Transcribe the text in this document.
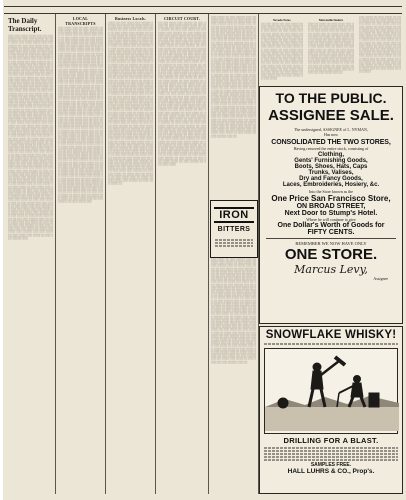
The Daily Transcript.
░░░ ░░░ ░░░░ ░░░░ ░░░ ░░ ░░░ ░░░░░ ░░ ░░░ ░░░ ░░░░░ ░░ ░░░ ░░░░ ░░░ ░░░░ ░░░░ ░░░ ░░░ ░░░░░ ░░ ░░░ ░░░ ░░░░ ░░░ ░░░ ░░░░ ░░ ░░░░ ░░░ ░░░░ ░░░ ░░░░░ ░░░ ░░░ ░░░░ ░░ ░░░ ░░░░ ░░░ ░░░░ ░░ ░░░ ░░░ ░░░░░ ░░░ ░░ ░░░ ░░░░ ░░░ ░░░ ░░░░ ░░ ░░░ ░░░░ ░░░ ░░░ ░░░░░ ░░ ░░░ ░░░ ░░░░ ░░░ ░░░ ░░░░ ░░ ░░░░ ░░░ ░░░░ ░░░ ░░░░░ ░░░ ░░░ ░░░░ ░░ ░░░ ░░░░ ░░░ ░░░░ ░░ ░░░ ░░░ ░░░░░ ░░░ ░░ ░░░ ░░░░ ░░░ ░░░ ░░░░ ░░ ░░░ ░░░░ ░░░ ░░░ ░░░░░ ░░ ░░░ ░░░ ░░░░ ░░░ ░░░ ░░░░ ░░ ░░░░ ░░░ ░░░░ ░░░ ░░░░░ ░░░ ░░░ ░░░░ ░░ ░░░ ░░░░ ░░░ ░░░░ ░░ ░░░ ░░░ ░░░░░ ░░░ ░░ ░░░ ░░░░ ░░░ ░░░ ░░░░ ░░ ░░░ ░░░░ ░░░ ░░░ ░░░░░ ░░ ░░░ ░░░ ░░░░ ░░░ ░░░ ░░░░ ░░ ░░░░ ░░░ ░░░░ ░░░ ░░░░░ ░░░ ░░░ ░░░░ ░░ ░░░ ░░░░ ░░░ ░░░░ ░░ ░░░ ░░░ ░░░░░ ░░░ ░░ ░░░ ░░░░ ░░░ ░░░ ░░░░ ░░ ░░░ ░░░░ ░░░ ░░░ ░░░░░ ░░ ░░░ ░░░ ░░░░ ░░░ ░░░ ░░░░ ░░ ░░░░ ░░░ ░░░░ ░░░ ░░░░░ ░░░ ░░░ ░░░░ ░░ ░░░ ░░░░ ░░░ ░░░░ ░░ ░░░ ░░░ ░░░░░ ░░░ ░░ ░░░ ░░░░ ░░░ ░░░ ░░░░ ░░ ░░░ ░░░░ ░░░ ░░░ ░░░░░ ░░ ░░░ ░░░ ░░░░ ░░░ ░░░ ░░░░ ░░ ░░░░ ░░░ ░░░░ ░░░ ░░░░░ ░░░ ░░░ ░░░░ ░░ ░░░ ░░░░ ░░░ ░░░░ ░░ ░░░ ░░░ ░░░░░ ░░░ ░░ ░░░ ░░░░ ░░░ ░░░ ░░░░ ░░ ░░░ ░░░░ ░░░ ░░░ ░░░░░ ░░ ░░░ ░░░ ░░░░ ░░░ ░░░ ░░░░ ░░ ░░░░ ░░░ ░░░░ ░░░ ░░░░░ ░░░ ░░░ ░░░░ ░░ ░░░ ░░░░ ░░░ ░░░░ ░░ ░░░ ░░░ ░░░░░ ░░░ ░░ ░░░ ░░░░ ░░░ ░░░ ░░░░ ░░ ░░░ ░░░░ ░░░ ░░░ ░░░░░ ░░ ░░░ ░░░ ░░░░ ░░░ ░░░ ░░░░ ░░ ░░░░ ░░░ ░░░░ ░░░ ░░░░░ ░░░ ░░░ ░░░░ ░░ ░░░ ░░░░ ░░░ ░░░░ ░░ ░░░ ░░░ ░░░░░ ░░░ ░░ ░░░ ░░░░ ░░░ ░░░ ░░░░ ░░ ░░░ ░░░░ ░░░ ░░░ ░░░░░ ░░ ░░░ ░░░ ░░░░ ░░░ ░░░ ░░░░ ░░ ░░░░ ░░░ ░░░░ ░░░ ░░░░░ ░░░ ░░░ ░░░░ ░░ ░░░ ░░░░ ░░░ ░░░░ ░░ ░░░ ░░░ ░░░░░ ░░░ ░░ ░░░ ░░░░ ░░░ ░░░ ░░░░ ░░ ░░░ ░░░░ ░░░ ░░░ ░░░░░ ░░ ░░░ ░░░ ░░░░ ░░░ ░░░ ░░░░ ░░ ░░░░ ░░░ ░░░░ ░░░ ░░░░░ ░░░ ░░░ ░░░░ ░░ ░░░ ░░░░ ░░░ ░░░░ ░░ ░░░ ░░░ ░░░░░ ░░░ ░░ ░░░ ░░░░ ░░░ ░░░ ░░░░ ░░ ░░░ ░░░░ ░░░ ░░░ ░░░░░ ░░ ░░░ ░░░ ░░░░ ░░░ ░░░ ░░░░ ░░ ░░░░ ░░░ ░░░░ ░░░ ░░░░░ ░░░ ░░░ ░░░░ ░░ ░░░ ░░░░ ░░░ ░░░░ ░░ ░░░ ░░░ ░░░░░ ░░░
LOCAL TRANSCRIPTS
░░░ ░░░░ ░░░ ░░ ░░░ ░░░░░ ░░ ░░░ ░░░░ ░░░ ░░ ░░░ ░░░░ ░░░░ ░░ ░░░░ ░░░ ░░ ░░░░ ░░░ ░░░░ ░░ ░░░ ░░░░ ░░░ ░░ ░░░ ░░░░░ ░░ ░░░ ░░░░ ░░░ ░░ ░░░ ░░░░ ░░░░ ░░ ░░░░ ░░░ ░░ ░░░░ ░░░ ░░░░ ░░ ░░░ ░░░░ ░░░ ░░ ░░░ ░░░░░ ░░ ░░░ ░░░░ ░░░ ░░ ░░░ ░░░░ ░░░░ ░░ ░░░░ ░░░ ░░ ░░░░ ░░░ ░░░░ ░░ ░░░ ░░░░ ░░░ ░░ ░░░ ░░░░░ ░░ ░░░ ░░░░ ░░░ ░░ ░░░ ░░░░ ░░░░ ░░ ░░░░ ░░░ ░░ ░░░░ ░░░ ░░░░ ░░ ░░░ ░░░░ ░░░ ░░ ░░░ ░░░░░ ░░ ░░░ ░░░░ ░░░ ░░ ░░░ ░░░░ ░░░░ ░░ ░░░░ ░░░ ░░ ░░░░ ░░░ ░░░░ ░░ ░░░ ░░░░ ░░░ ░░ ░░░ ░░░░░ ░░ ░░░ ░░░░ ░░░ ░░ ░░░ ░░░░ ░░░░ ░░ ░░░░ ░░░ ░░ ░░░░ ░░░ ░░░░ ░░ ░░░ ░░░░ ░░░ ░░ ░░░ ░░░░░ ░░ ░░░ ░░░░ ░░░ ░░ ░░░ ░░░░ ░░░░ ░░ ░░░░ ░░░ ░░ ░░░░ ░░░ ░░░░ ░░ ░░░ ░░░░ ░░░ ░░ ░░░ ░░░░░ ░░ ░░░ ░░░░ ░░░ ░░ ░░░ ░░░░ ░░░░ ░░ ░░░░ ░░░ ░░ ░░░░ ░░░ ░░░░ ░░ ░░░ ░░░░ ░░░ ░░ ░░░ ░░░░░ ░░ ░░░ ░░░░ ░░░ ░░ ░░░ ░░░░ ░░░░ ░░ ░░░░ ░░░ ░░ ░░░░ ░░░ ░░░░ ░░ ░░░ ░░░░ ░░░ ░░ ░░░ ░░░░░ ░░ ░░░ ░░░░ ░░░ ░░ ░░░ ░░░░ ░░░░ ░░ ░░░░ ░░░ ░░ ░░░░ ░░░ ░░░░ ░░ ░░░ ░░░░ ░░░ ░░ ░░░ ░░░░░ ░░ ░░░ ░░░░ ░░░ ░░ ░░░ ░░░░ ░░░░ ░░ ░░░░ ░░░ ░░ ░░░░ ░░░ ░░░░ ░░ ░░░ ░░░░ ░░░ ░░ ░░░ ░░░░░ ░░ ░░░ ░░░░ ░░░ ░░ ░░░ ░░░░ ░░░░ ░░ ░░░░ ░░░ ░░ ░░░░ ░░░ ░░░░ ░░ ░░░ ░░░░ ░░░ ░░ ░░░ ░░░░░ ░░ ░░░ ░░░░ ░░░ ░░ ░░░ ░░░░ ░░░░ ░░ ░░░░ ░░░ ░░ ░░░░ ░░░ ░░░░ ░░ ░░░ ░░░░ ░░░ ░░ ░░░ ░░░░░ ░░ ░░░ ░░░░ ░░░ ░░ ░░░ ░░░░ ░░░░ ░░ ░░░░ ░░░ ░░ ░░░░ ░░░ ░░░░ ░░ ░░░ ░░░░ ░░░ ░░ ░░░ ░░░░░ ░░ ░░░ ░░░░ ░░░ ░░ ░░░ ░░░░ ░░░░ ░░ ░░░░ ░░░ ░░ ░░░░ ░░░ ░░░░ ░░ ░░░ ░░░░ ░░░ ░░ ░░░ ░░░░░ ░░ ░░░ ░░░░ ░░░ ░░ ░░░ ░░░░ ░░░░ ░░ ░░░░ ░░░ ░░ ░░░░ ░░░ ░░░░ ░░ ░░░ ░░░░ ░░░ ░░ ░░░ ░░░░░ ░░ ░░░ ░░░░ ░░░ ░░ ░░░ ░░░░ ░░░░ ░░ ░░░░ ░░░ ░░ ░░░░ ░░░ ░░░░ ░░ ░░░ ░░░░ ░░░ ░░ ░░░ ░░░░░ ░░ ░░░ ░░░░ ░░░
Business Locals.
░░░░ ░░ ░░░ ░░░░ ░░░ ░░░░░ ░░ ░░░ ░░░ ░░░░ ░░ ░░░░ ░░░ ░░ ░░░░░ ░░ ░░░ ░░░░ ░░░ ░░ ░░░░ ░░ ░░░ ░░░░ ░░░ ░░░░░ ░░ ░░░ ░░░ ░░░░ ░░ ░░░░ ░░░ ░░ ░░░░░ ░░ ░░░ ░░░░ ░░░ ░░ ░░░░ ░░ ░░░ ░░░░ ░░░ ░░░░░ ░░ ░░░ ░░░ ░░░░ ░░ ░░░░ ░░░ ░░ ░░░░░ ░░ ░░░ ░░░░ ░░░ ░░ ░░░░ ░░ ░░░ ░░░░ ░░░ ░░░░░ ░░ ░░░ ░░░ ░░░░ ░░ ░░░░ ░░░ ░░ ░░░░░ ░░ ░░░ ░░░░ ░░░ ░░ ░░░░ ░░ ░░░ ░░░░ ░░░ ░░░░░ ░░ ░░░ ░░░ ░░░░ ░░ ░░░░ ░░░ ░░ ░░░░░ ░░ ░░░ ░░░░ ░░░ ░░ ░░░░ ░░ ░░░ ░░░░ ░░░ ░░░░░ ░░ ░░░ ░░░ ░░░░ ░░ ░░░░ ░░░ ░░ ░░░░░ ░░ ░░░ ░░░░ ░░░ ░░ ░░░░ ░░ ░░░ ░░░░ ░░░ ░░░░░ ░░ ░░░ ░░░ ░░░░ ░░ ░░░░ ░░░ ░░ ░░░░░ ░░ ░░░ ░░░░ ░░░ ░░ ░░░░ ░░ ░░░ ░░░░ ░░░ ░░░░░ ░░ ░░░ ░░░ ░░░░ ░░ ░░░░ ░░░ ░░ ░░░░░ ░░ ░░░ ░░░░ ░░░ ░░ ░░░░ ░░ ░░░ ░░░░ ░░░ ░░░░░ ░░ ░░░ ░░░ ░░░░ ░░ ░░░░ ░░░ ░░ ░░░░░ ░░ ░░░ ░░░░ ░░░ ░░ ░░░░ ░░ ░░░ ░░░░ ░░░ ░░░░░ ░░ ░░░ ░░░ ░░░░ ░░ ░░░░ ░░░ ░░ ░░░░░ ░░ ░░░ ░░░░ ░░░ ░░ ░░░░ ░░ ░░░ ░░░░ ░░░ ░░░░░ ░░ ░░░ ░░░ ░░░░ ░░ ░░░░ ░░░ ░░ ░░░░░ ░░ ░░░ ░░░░ ░░░ ░░ ░░░░ ░░ ░░░ ░░░░ ░░░ ░░░░░ ░░ ░░░ ░░░ ░░░░ ░░ ░░░░ ░░░ ░░ ░░░░░ ░░ ░░░ ░░░░ ░░░ ░░ ░░░░ ░░ ░░░ ░░░░ ░░░ ░░░░░ ░░ ░░░ ░░░ ░░░░ ░░ ░░░░ ░░░ ░░ ░░░░░ ░░ ░░░ ░░░░ ░░░ ░░ ░░░░ ░░ ░░░ ░░░░ ░░░ ░░░░░ ░░ ░░░ ░░░ ░░░░ ░░ ░░░░ ░░░ ░░ ░░░░░ ░░ ░░░ ░░░░ ░░░ ░░ ░░░░ ░░ ░░░ ░░░░ ░░░ ░░░░░ ░░ ░░░ ░░░ ░░░░ ░░ ░░░░ ░░░ ░░ ░░░░░ ░░ ░░░ ░░░░ ░░░ ░░ ░░░░ ░░ ░░░ ░░░░ ░░░ ░░░░░ ░░ ░░░ ░░░ ░░░░ ░░ ░░░░ ░░░ ░░ ░░░░░ ░░ ░░░ ░░░░ ░░░ ░░ ░░░░ ░░ ░░░ ░░░░ ░░░ ░░░░░ ░░ ░░░ ░░░ ░░░░ ░░ ░░░░ ░░░ ░░ ░░░░░ ░░ ░░░ ░░░░ ░░░ ░░ ░░░░ ░░ ░░░ ░░░░ ░░░ ░░░░░ ░░ ░░░ ░░░ ░░░░ ░░
CIRCUIT COURT.
░░ ░░░ ░░░░ ░░░ ░░░░░ ░░ ░░░ ░░░░ ░░ ░░░ ░░░ ░░░░ ░░░░ ░░ ░░░ ░░░░░ ░░ ░░░ ░░░ ░░░░ ░░ ░░░ ░░░░ ░░░ ░░░░░ ░░ ░░░ ░░░░ ░░ ░░░ ░░░ ░░░░ ░░░░ ░░ ░░░ ░░░░░ ░░ ░░░ ░░░ ░░░░ ░░ ░░░ ░░░░ ░░░ ░░░░░ ░░ ░░░ ░░░░ ░░ ░░░ ░░░ ░░░░ ░░░░ ░░ ░░░ ░░░░░ ░░ ░░░ ░░░ ░░░░ ░░ ░░░ ░░░░ ░░░ ░░░░░ ░░ ░░░ ░░░░ ░░ ░░░ ░░░ ░░░░ ░░░░ ░░ ░░░ ░░░░░ ░░ ░░░ ░░░ ░░░░ ░░ ░░░ ░░░░ ░░░ ░░░░░ ░░ ░░░ ░░░░ ░░ ░░░ ░░░ ░░░░ ░░░░ ░░ ░░░ ░░░░░ ░░ ░░░ ░░░ ░░░░ ░░ ░░░ ░░░░ ░░░ ░░░░░ ░░ ░░░ ░░░░ ░░ ░░░ ░░░ ░░░░ ░░░░ ░░ ░░░ ░░░░░ ░░ ░░░ ░░░ ░░░░ ░░ ░░░ ░░░░ ░░░ ░░░░░ ░░ ░░░ ░░░░ ░░ ░░░ ░░░ ░░░░ ░░░░ ░░ ░░░ ░░░░░ ░░ ░░░ ░░░ ░░░░ ░░ ░░░ ░░░░ ░░░ ░░░░░ ░░ ░░░ ░░░░ ░░ ░░░ ░░░ ░░░░ ░░░░ ░░ ░░░ ░░░░░ ░░ ░░░ ░░░ ░░░░ ░░ ░░░ ░░░░ ░░░ ░░░░░ ░░ ░░░ ░░░░ ░░ ░░░ ░░░ ░░░░ ░░░░ ░░ ░░░ ░░░░░ ░░ ░░░ ░░░ ░░░░ ░░ ░░░ ░░░░ ░░░ ░░░░░ ░░ ░░░ ░░░░ ░░ ░░░ ░░░ ░░░░ ░░░░ ░░ ░░░ ░░░░░ ░░ ░░░ ░░░ ░░░░ ░░ ░░░ ░░░░ ░░░ ░░░░░ ░░ ░░░ ░░░░ ░░ ░░░ ░░░ ░░░░ ░░░░ ░░ ░░░ ░░░░░ ░░ ░░░ ░░░ ░░░░ ░░ ░░░ ░░░░ ░░░ ░░░░░ ░░ ░░░ ░░░░ ░░ ░░░ ░░░ ░░░░ ░░░░ ░░ ░░░ ░░░░░ ░░ ░░░ ░░░ ░░░░ ░░ ░░░ ░░░░ ░░░ ░░░░░ ░░ ░░░ ░░░░ ░░ ░░░ ░░░ ░░░░ ░░░░ ░░ ░░░ ░░░░░ ░░ ░░░ ░░░ ░░░░ ░░ ░░░ ░░░░ ░░░ ░░░░░ ░░ ░░░ ░░░░ ░░ ░░░ ░░░ ░░░░ ░░░░ ░░ ░░░ ░░░░░ ░░ ░░░ ░░░ ░░░░ ░░ ░░░ ░░░░ ░░░ ░░░░░ ░░ ░░░ ░░░░ ░░ ░░░ ░░░ ░░░░ ░░░░ ░░ ░░░ ░░░░░ ░░ ░░░ ░░░ ░░░░ ░░ ░░░ ░░░░ ░░░ ░░░░░ ░░ ░░░ ░░░░ ░░ ░░░ ░░░ ░░░░ ░░░░ ░░ ░░░ ░░░░░ ░░ ░░░ ░░░ ░░░░
░░░ ░░░░ ░░ ░░░ ░░░░░ ░░░ ░░ ░░░░ ░░░ ░░░░ ░░ ░░░ ░░░░ ░░ ░░░ ░░░░░ ░░░ ░░ ░░░░ ░░░ ░░░░ ░░ ░░░ ░░░░ ░░ ░░░ ░░░░░ ░░░ ░░ ░░░░ ░░░ ░░░░ ░░ ░░░ ░░░░ ░░ ░░░ ░░░░░ ░░░ ░░ ░░░░ ░░░ ░░░░ ░░ ░░░ ░░░░ ░░ ░░░ ░░░░░ ░░░ ░░ ░░░░ ░░░ ░░░░ ░░ ░░░ ░░░░ ░░ ░░░ ░░░░░ ░░░ ░░ ░░░░ ░░░ ░░░░ ░░ ░░░ ░░░░ ░░ ░░░ ░░░░░ ░░░ ░░ ░░░░ ░░░ ░░░░ ░░ ░░░ ░░░░ ░░ ░░░ ░░░░░ ░░░ ░░ ░░░░ ░░░ ░░░░ ░░ ░░░ ░░░░ ░░ ░░░ ░░░░░ ░░░ ░░ ░░░░ ░░░ ░░░░ ░░ ░░░ ░░░░ ░░ ░░░ ░░░░░ ░░░ ░░ ░░░░ ░░░ ░░░░ ░░ ░░░ ░░░░ ░░ ░░░ ░░░░░ ░░░ ░░ ░░░░ ░░░ ░░░░ ░░ ░░░ ░░░░ ░░ ░░░ ░░░░░ ░░░ ░░ ░░░░ ░░░ ░░░░ ░░ ░░░ ░░░░ ░░ ░░░ ░░░░░ ░░░ ░░ ░░░░ ░░░ ░░░░ ░░ ░░░ ░░░░ ░░ ░░░ ░░░░░ ░░░ ░░ ░░░░ ░░░ ░░░░ ░░ ░░░ ░░░░ ░░ ░░░ ░░░░░ ░░░ ░░ ░░░░ ░░░ ░░░░ ░░ ░░░ ░░░░ ░░ ░░░ ░░░░░ ░░░ ░░ ░░░░ ░░░ ░░░░ ░░ ░░░ ░░░░ ░░ ░░░ ░░░░░ ░░░ ░░ ░░░░ ░░░ ░░░░ ░░ ░░░ ░░░░ ░░ ░░░ ░░░░░ ░░░ ░░ ░░░░ ░░░ ░░░░ ░░ ░░░ ░░░░ ░░ ░░░ ░░░░░ ░░░ ░░ ░░░░ ░░░ ░░░░ ░░ ░░░ ░░░░ ░░ ░░░ ░░░░░ ░░░ ░░ ░░░░ ░░░ ░░░░ ░░ ░░░ ░░░░ ░░ ░░░ ░░░░░ ░░░ ░░ ░░░░ ░░░ ░░░░ ░░ ░░░ ░░░░ ░░ ░░░ ░░░░░ ░░░ ░░ ░░░░ ░░░ ░░░░ ░░ ░░░ ░░░░ ░░ ░░░ ░░░░░ ░░░ ░░ ░░░░ ░░░ ░░░░ ░░ ░░░ ░░░░ ░░ ░░░ ░░░░░ ░░░ ░░
░░░ ░░░░ ░░ ░░░ ░░░░░ ░░░ ░░ ░░░░ ░░░ ░░░░ ░░ ░░░ ░░░░ ░░ ░░░ ░░░░░ ░░░ ░░ ░░░░ ░░░ ░░░░ ░░ ░░░ ░░░░ ░░ ░░░ ░░░░░ ░░░ ░░ ░░░░ ░░░ ░░░░ ░░ ░░░ ░░░░ ░░ ░░░ ░░░░░ ░░░ ░░ ░░░░ ░░░ ░░░░ ░░ ░░░ ░░░░ ░░ ░░░ ░░░░░ ░░░ ░░ ░░░░ ░░░ ░░░░ ░░ ░░░ ░░░░ ░░ ░░░ ░░░░░ ░░░ ░░ ░░░░ ░░░ ░░░░ ░░ ░░░ ░░░░ ░░ ░░░ ░░░░░ ░░░ ░░ ░░░░ ░░░ ░░░░ ░░ ░░░ ░░░░ ░░ ░░░ ░░░░░ ░░░ ░░ ░░░░ ░░░ ░░░░ ░░ ░░░ ░░░░ ░░ ░░░ ░░░░░ ░░░ ░░ ░░░░ ░░░ ░░░░ ░░ ░░░ ░░░░ ░░ ░░░ ░░░░░ ░░░ ░░ ░░░░ ░░░ ░░░░ ░░ ░░░ ░░░░ ░░ ░░░ ░░░░░ ░░░ ░░ ░░░░ ░░░ ░░░░ ░░ ░░░ ░░░░ ░░ ░░░ ░░░░░ ░░░ ░░ ░░░░ ░░░ ░░░░ ░░ ░░░ ░░░░ ░░ ░░░ ░░░░░ ░░░ ░░ ░░░░ ░░░ ░░░░ ░░ ░░░ ░░░░ ░░ ░░░ ░░░░░ ░░░ ░░ ░░░░ ░░░ ░░░░ ░░ ░░░ ░░░░ ░░ ░░░ ░░░░░ ░░░ ░░ ░░░░ ░░░ ░░░░ ░░ ░░░ ░░░░ ░░ ░░░ ░░░░░ ░░░ ░░ ░░░░ ░░░ ░░░░ ░░ ░░░ ░░░░ ░░ ░░░ ░░░░░ ░░░ ░░ ░░░░ ░░░ ░░░░ ░░ ░░░ ░░░░ ░░ ░░░ ░░░░░ ░░░ ░░ ░░░░ ░░░ ░░░░ ░░ ░░░ ░░░░ ░░ ░░░ ░░░░░ ░░░ ░░ ░░░░ ░░░ ░░░░ ░░ ░░░ ░░░░ ░░ ░░░ ░░░░░ ░░░ ░░ ░░░░ ░░░ ░░░░ ░░ ░░░ ░░░░ ░░ ░░░ ░░░░░ ░░░ ░░
IRON
BITTERS
Nevada Notes.
░░ ░░░ ░░░░ ░░ ░░░ ░░░░ ░░ ░░░ ░░░░ ░░░ ░░ ░░░ ░░░░ ░░ ░░░ ░░░░ ░░ ░░░ ░░░░ ░░░ ░░ ░░░ ░░░░ ░░ ░░░ ░░░░ ░░ ░░░ ░░░░ ░░░ ░░ ░░░ ░░░░ ░░ ░░░ ░░░░ ░░ ░░░ ░░░░ ░░░ ░░ ░░░ ░░░░ ░░ ░░░ ░░░░ ░░ ░░░ ░░░░ ░░░ ░░ ░░░ ░░░░ ░░ ░░░ ░░░░ ░░ ░░░ ░░░░ ░░░ ░░ ░░░ ░░░░ ░░ ░░░ ░░░░ ░░ ░░░ ░░░░ ░░░ ░░ ░░░ ░░░░ ░░ ░░░ ░░░░ ░░ ░░░ ░░░░ ░░░ ░░ ░░░ ░░░░ ░░ ░░░ ░░░░ ░░ ░░░ ░░░░ ░░░ ░░ ░░░ ░░░░ ░░ ░░░ ░░░░ ░░ ░░░ ░░░░ ░░░ ░░ ░░░ ░░░░ ░░ ░░░ ░░░░ ░░ ░░░ ░░░░ ░░░ ░░ ░░░ ░░░░ ░░ ░░░ ░░░░
Mercantile Dealers
░░░ ░░ ░░░░ ░░ ░░░ ░░░░ ░░░ ░░ ░░░░ ░░ ░░░ ░░░░ ░░░ ░░ ░░░░ ░░ ░░░ ░░░░ ░░░ ░░ ░░░░ ░░ ░░░ ░░░░ ░░░ ░░ ░░░░ ░░ ░░░ ░░░░ ░░░ ░░ ░░░░ ░░ ░░░ ░░░░ ░░░ ░░ ░░░░ ░░ ░░░ ░░░░ ░░░ ░░ ░░░░ ░░ ░░░ ░░░░ ░░░ ░░ ░░░░ ░░ ░░░ ░░░░ ░░░ ░░ ░░░░ ░░ ░░░ ░░░░ ░░░ ░░ ░░░░ ░░ ░░░ ░░░░ ░░░ ░░ ░░░░ ░░ ░░░ ░░░░ ░░░ ░░ ░░░░ ░░ ░░░ ░░░░ ░░░ ░░ ░░░░ ░░ ░░░ ░░░░ ░░░ ░░ ░░░░ ░░ ░░░ ░░░░ ░░░ ░░ ░░░░ ░░ ░░░ ░░░░ ░░░ ░░ ░░░░ ░░ ░░░ ░░░░ ░░░ ░░ ░░░░ ░░ ░░░ ░░░░ ░░░ ░░ ░░░░ ░░ ░░░ ░░░░ ░░░ ░░
░░░ ░░░░ ░░ ░░░ ░░░░ ░░ ░░░ ░░░░ ░░░ ░░ ░░░ ░░░░ ░░ ░░░ ░░░░ ░░ ░░░ ░░░░ ░░░ ░░ ░░░ ░░░░ ░░ ░░░ ░░░░ ░░ ░░░ ░░░░ ░░░ ░░ ░░░ ░░░░ ░░ ░░░ ░░░░ ░░ ░░░ ░░░░ ░░░ ░░ ░░░ ░░░░ ░░ ░░░ ░░░░ ░░ ░░░ ░░░░ ░░░ ░░ ░░░ ░░░░ ░░ ░░░ ░░░░ ░░ ░░░ ░░░░ ░░░ ░░ ░░░ ░░░░ ░░ ░░░ ░░░░ ░░ ░░░ ░░░░ ░░░ ░░ ░░░ ░░░░ ░░ ░░░ ░░░░ ░░ ░░░ ░░░░ ░░░ ░░ ░░░ ░░░░ ░░ ░░░ ░░░░ ░░ ░░░ ░░░░ ░░░ ░░ ░░░ ░░░░ ░░ ░░░ ░░░░ ░░ ░░░ ░░░░ ░░░ ░░ ░░░ ░░░░ ░░ ░░░ ░░░░ ░░ ░░░ ░░░░ ░░░ ░░ ░░░ ░░░░ ░░ ░░░ ░░░░
TO THE PUBLIC.
ASSIGNEE SALE.
The undersigned, ASSIGNEE of L. NYMAN,
Has now
CONSOLIDATED THE TWO STORES,
Having removed the entire stock, consisting of
Clothing,
Gents' Furnishing Goods,
Boots, Shoes, Hats, Caps
Trunks, Valises,
Dry and Fancy Goods,
Laces, Embroideries, Hosiery, &c.
Into the Store known as the
One Price San Francisco Store,
ON BROAD STREET,
Next Door to Stump's Hotel.
Where he will continue to give
One Dollar's Worth of Goods for
FIFTY CENTS.
REMEMBER WE NOW HAVE ONLY
ONE STORE.
Marcus Levy,
Assignee
SNOWFLAKE WHISKY!
DRILLING FOR A BLAST.
SAMPLES FREE.
HALL LUHRS & CO., Prop's.
